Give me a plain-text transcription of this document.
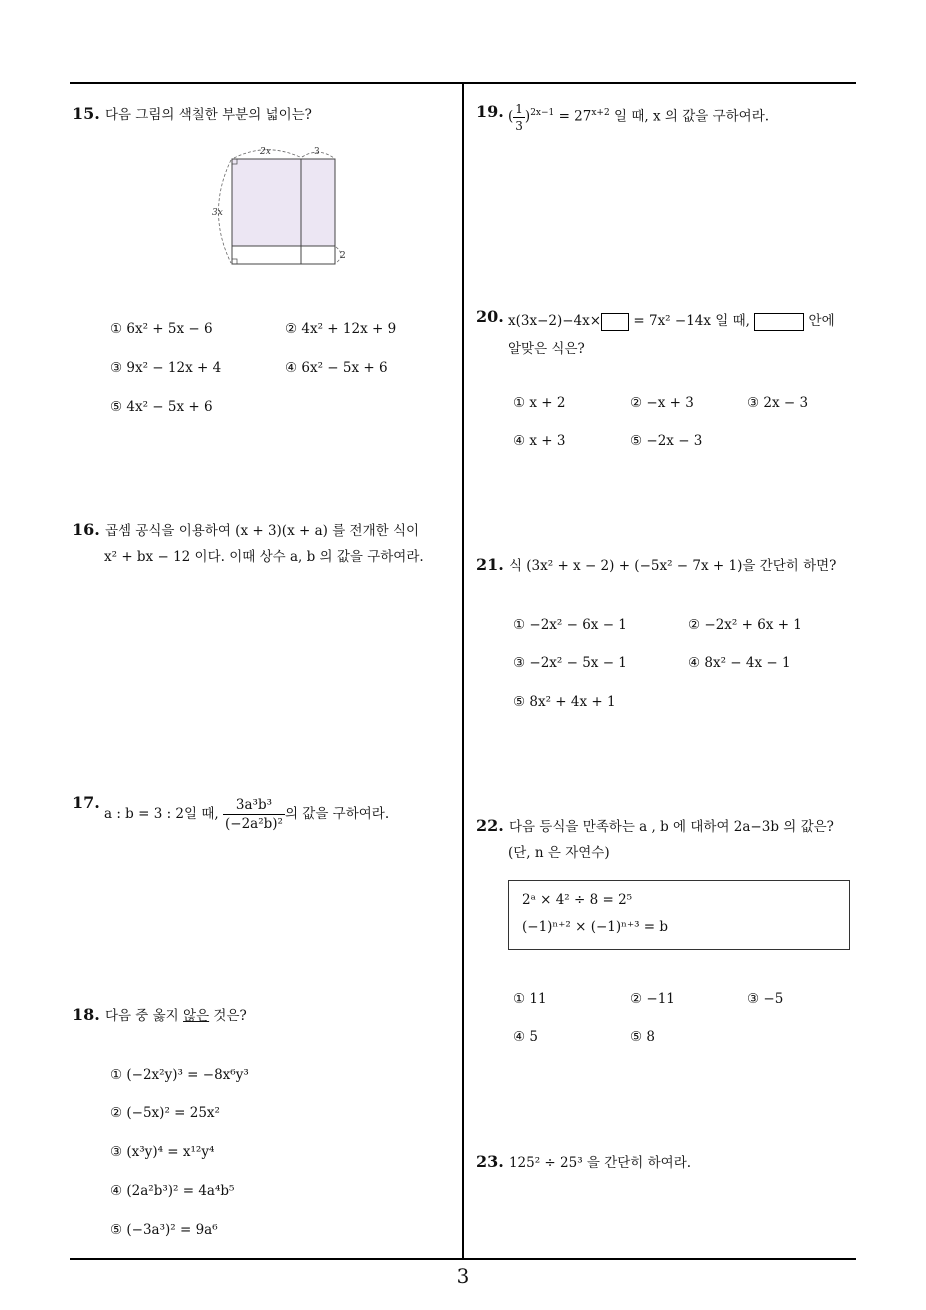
15. 다음 그림의 색칠한 부분의 넓이는?
2x	3
3x
2
① 6x² + 5x − 6	② 4x² + 12x + 9
③ 9x² − 12x + 4	④ 6x² − 5x + 6
⑤ 4x² − 5x + 6
16. 곱셈 공식을 이용하여 (x + 3)(x + a) 를 전개한 식이
x² + bx − 12 이다. 이때 상수 a, b 의 값을 구하여라.
17.
a : b = 3 : 2일 때, $\frac{\text{3a³b³}}{\text{(−2a²b)²}}$ 의 값을 구하여라.
18. 다음 중 옳지 않은 것은?
① (−2x²y)³ = −8x⁶y³
② (−5x)² = 25x²
③ (x³y)⁴ = x¹²y⁴
④ (2a²b³)² = 4a⁴b⁵
⑤ (−3a³)² = 9a⁶
19. ( $\frac{1}{3} )^{2x-1} = 27^{x+2}$ 일 때, x 의 값을 구하여라.
20. x(3x−2)−4x× = 7x² −14x 일 때,	안에
알맞은 식은?
① x + 2	② −x + 3	③ 2x − 3
④ x + 3	⑤ −2x − 3
21. 식 (3x² + x − 2) + (−5x² − 7x + 1)을 간단히 하면?
① −2x² − 6x − 1	② −2x² + 6x + 1
③ −2x² − 5x − 1	④ 8x² − 4x − 1
⑤ 8x² + 4x + 1
22. 다음 등식을 만족하는 a , b 에 대하여 2a−3b 의 값은?
(단, n 은 자연수)
2ᵃ × 4² ÷ 8 = 2⁵
(−1)ⁿ⁺² × (−1)ⁿ⁺³ = b
① 11	② −11	③ −5
④ 5	⑤ 8
23. 125² ÷ 25³ 을 간단히 하여라.
3
